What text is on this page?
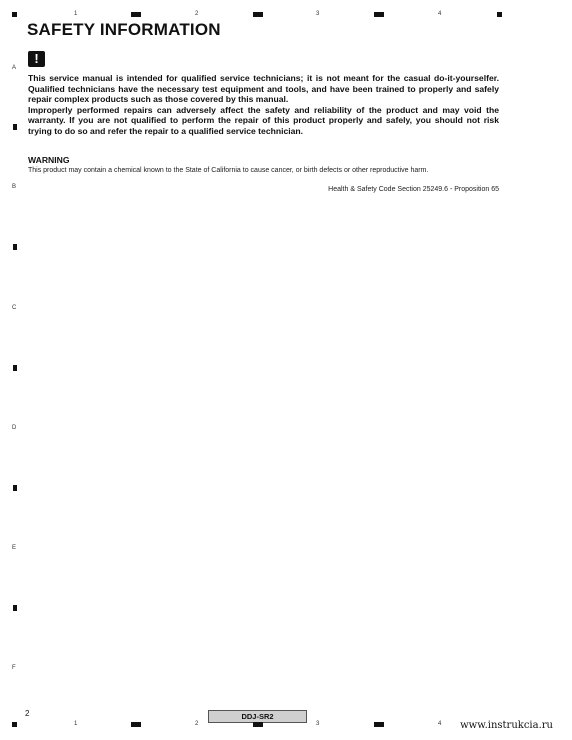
1	2	3	4
A
B
C
D
E
F
SAFETY INFORMATION
!

This service manual is intended for qualified service technicians; it is not meant for the casual do-it-yourselfer. Qualified technicians have the necessary test equipment and tools, and have been trained to properly and safely repair complex products such as those covered by this manual.

Improperly performed repairs can adversely affect the safety and reliability of the product and may void the warranty. If you are not qualified to perform the repair of this product properly and safely, you should not risk trying to do so and refer the repair to a qualified service technician.

WARNING

This product may contain a chemical known to the State of California to cause cancer, or birth defects or other reproductive harm.

Health & Safety Code Section 25249.6 - Proposition 65

2	DDJ-SR2
1	2	3	4 www.instrukcia.ru
